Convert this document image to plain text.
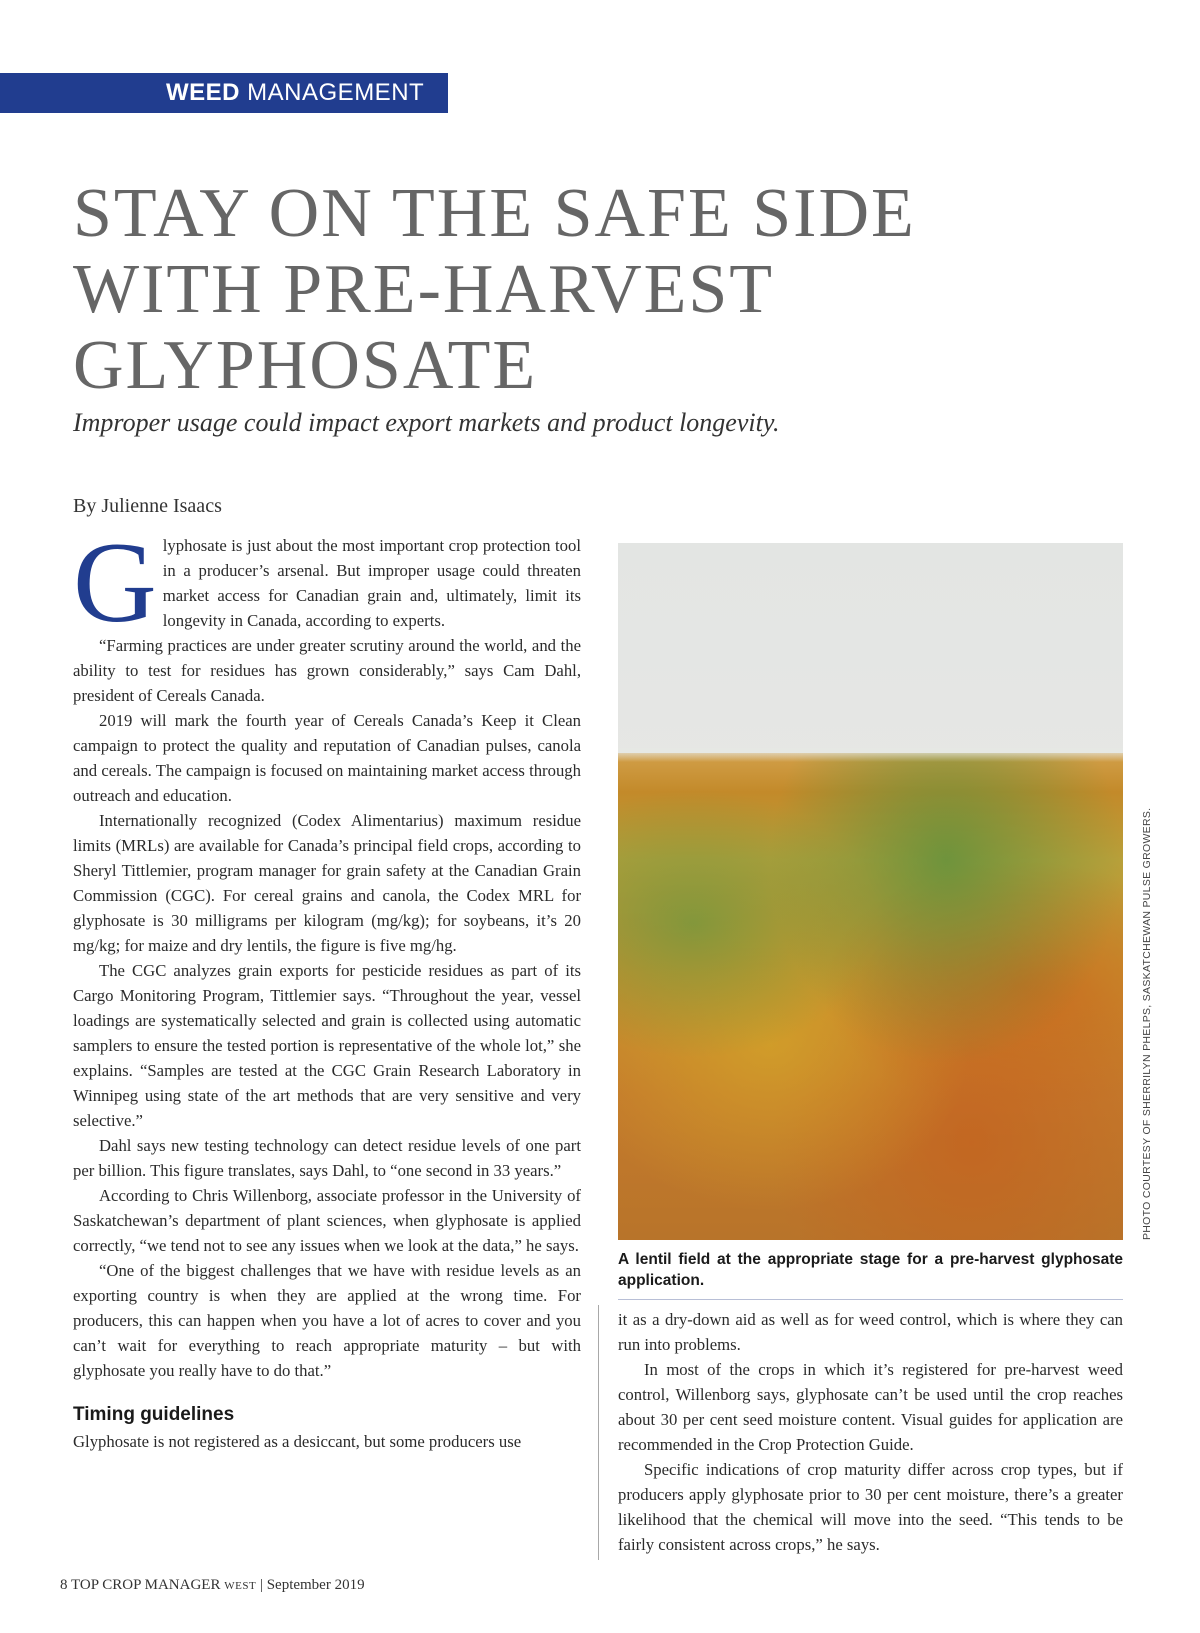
WEED MANAGEMENT
STAY ON THE SAFE SIDE
WITH PRE-HARVEST
GLYPHOSATE

Improper usage could impact export markets and product longevity.

By Julienne Isaacs

Glyphosate is just about the most important crop protection tool in a producer’s arsenal. But improper usage could threaten market access for Canadian grain and, ultimately, limit its longevity in Canada, according to experts.

“Farming practices are under greater scrutiny around the world, and the ability to test for residues has grown considerably,” says Cam Dahl, president of Cereals Canada.

2019 will mark the fourth year of Cereals Canada’s Keep it Clean campaign to protect the quality and reputation of Canadian pulses, canola and cereals. The campaign is focused on maintaining market access through outreach and education.

Internationally recognized (Codex Alimentarius) maximum residue limits (MRLs) are available for Canada’s principal field crops, according to Sheryl Tittlemier, program manager for grain safety at the Canadian Grain Commission (CGC). For cereal grains and canola, the Codex MRL for glyphosate is 30 milligrams per kilogram (mg/kg); for soybeans, it’s 20 mg/kg; for maize and dry lentils, the figure is five mg/hg.

The CGC analyzes grain exports for pesticide residues as part of its Cargo Monitoring Program, Tittlemier says. “Throughout the year, vessel loadings are systematically selected and grain is collected using automatic samplers to ensure the tested portion is representative of the whole lot,” she explains. “Samples are tested at the CGC Grain Research Laboratory in Winnipeg using state of the art methods that are very sensitive and very selective.”

Dahl says new testing technology can detect residue levels of one part per billion. This figure translates, says Dahl, to “one second in 33 years.”

According to Chris Willenborg, associate professor in the University of Saskatchewan’s department of plant sciences, when glyphosate is applied correctly, “we tend not to see any issues when we look at the data,” he says.

“One of the biggest challenges that we have with residue levels as an exporting country is when they are applied at the wrong time. For producers, this can happen when you have a lot of acres to cover and you can’t wait for everything to reach appropriate maturity – but with glyphosate you really have to do that.”

Timing guidelines

Glyphosate is not registered as a desiccant, but some producers use

PHOTO COURTESY OF SHERRILYN PHELPS, SASKATCHEWAN PULSE GROWERS.
A lentil field at the appropriate stage for a pre-harvest glyphosate application.

it as a dry-down aid as well as for weed control, which is where they can run into problems.

In most of the crops in which it’s registered for pre-harvest weed control, Willenborg says, glyphosate can’t be used until the crop reaches about 30 per cent seed moisture content. Visual guides for application are recommended in the Crop Protection Guide.

Specific indications of crop maturity differ across crop types, but if producers apply glyphosate prior to 30 per cent moisture, there’s a greater likelihood that the chemical will move into the seed. “This tends to be fairly consistent across crops,” he says.

8 TOP CROP MANAGER WEST | September 2019
